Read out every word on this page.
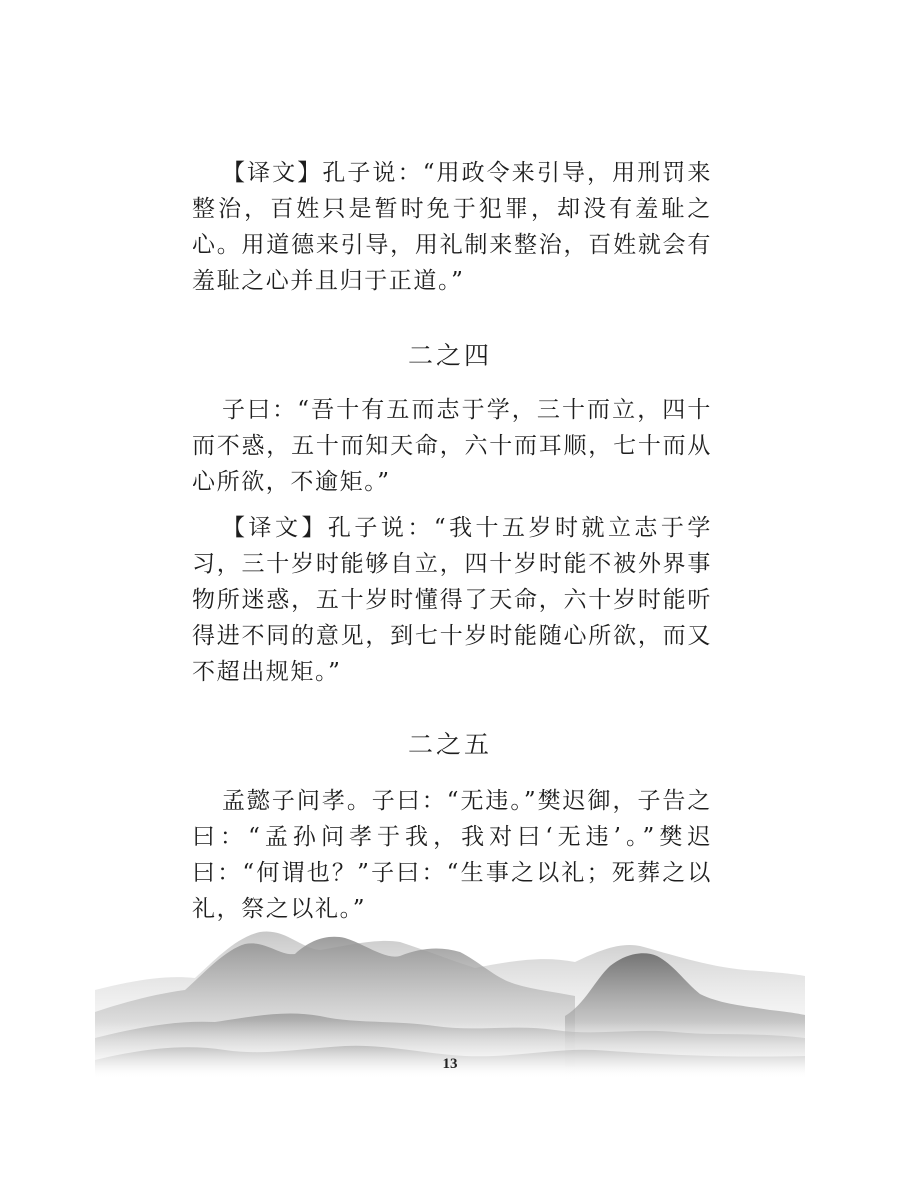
【译文】孔子说：“用政令来引导，用刑罚来整治，百姓只是暂时免于犯罪，却没有羞耻之心。用道德来引导，用礼制来整治，百姓就会有羞耻之心并且归于正道。”

二之四

子曰：“吾十有五而志于学，三十而立，四十而不惑，五十而知天命，六十而耳顺，七十而从心所欲，不逾矩。”

【译文】孔子说：“我十五岁时就立志于学习，三十岁时能够自立，四十岁时能不被外界事物所迷惑，五十岁时懂得了天命，六十岁时能听得进不同的意见，到七十岁时能随心所欲，而又不超出规矩。”

二之五

孟懿子问孝。子曰：“无违。”樊迟御，子告之曰：“孟孙问孝于我，我对曰‘无违’。”樊迟曰：“何谓也？”子曰：“生事之以礼；死葬之以礼，祭之以礼。”

13
